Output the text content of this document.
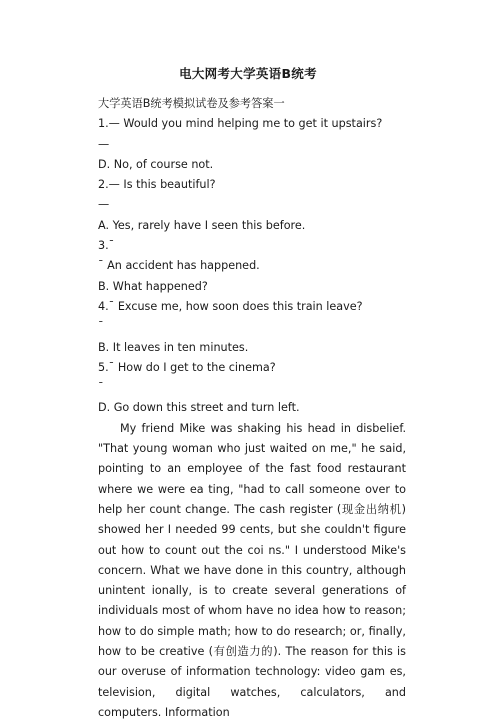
电大网考大学英语B统考
大学英语B统考模拟试卷及参考答案一
1.— Would you mind helping me to get it upstairs?
—
D. No, of course not.
2.— Is this beautiful?
—
A. Yes, rarely have I seen this before.
3.¯
¯ An accident has happened.
B. What happened?
4.¯ Excuse me, how soon does this train leave?
¯
B. It leaves in ten minutes.
5.¯ How do I get to the cinema?
¯
D. Go down this street and turn left.

My friend Mike was shaking his head in disbelief. "That young woman who just waited on me," he said, pointing to an employee of the fast food restaurant where we were ea ting, "had to call someone over to help her count change. The cash register (现金出纳机) showed her I needed 99 cents, but she couldn't figure out how to count out the coi ns." I understood Mike's concern. What we have done in this country, although unintent ionally, is to create several generations of individuals most of whom have no idea how to reason; how to do simple math; how to do research; or, finally, how to be creative (有创造力的). The reason for this is our overuse of information technology: video gam es, television, digital watches, calculators, and computers. Information
